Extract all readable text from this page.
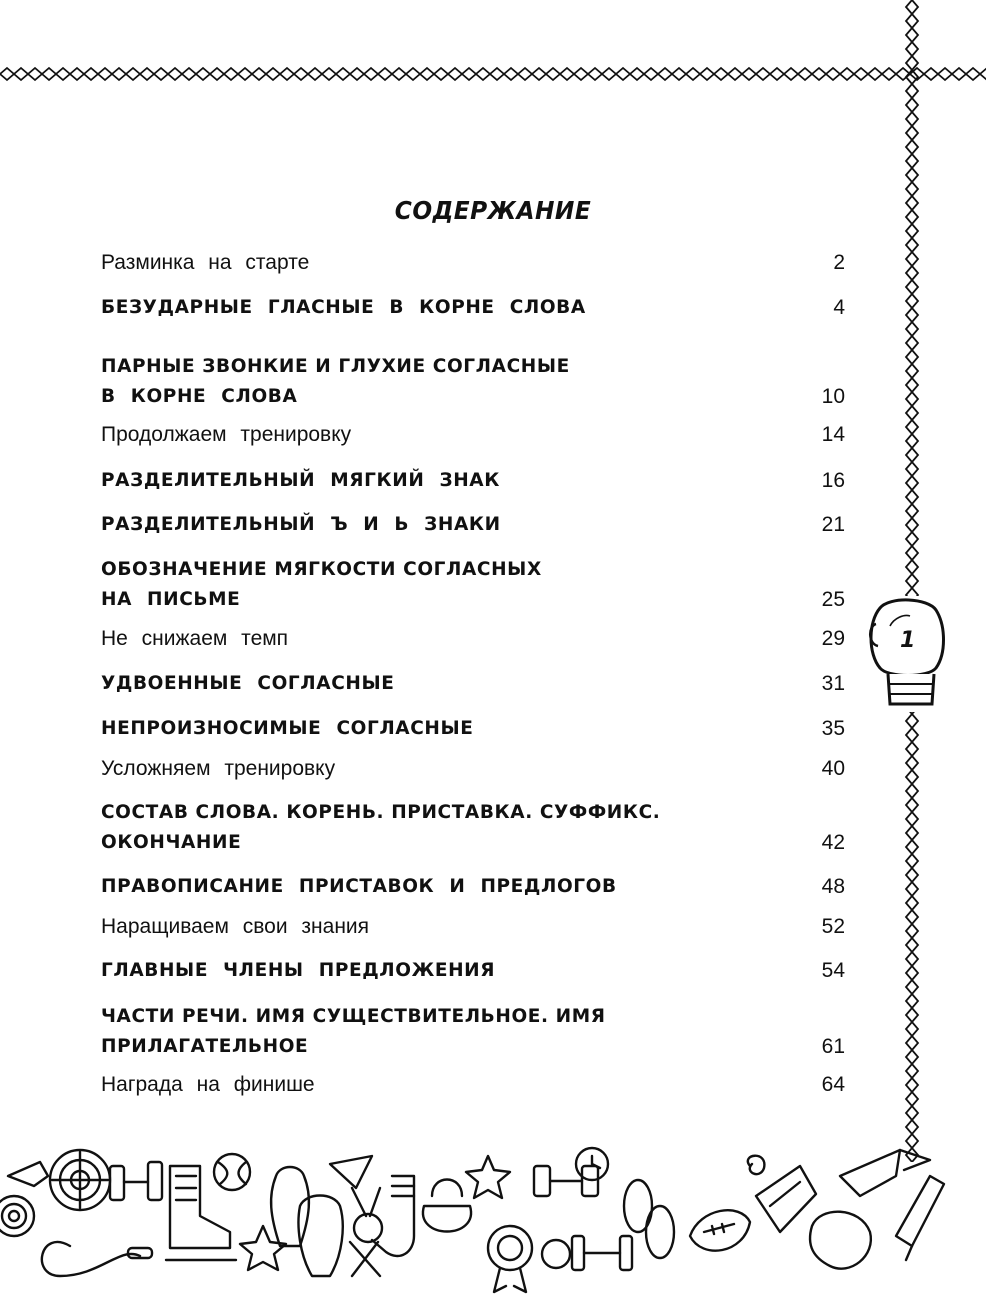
СОДЕРЖАНИЕ
Разминка на старте	2
БЕЗУДАРНЫЕ ГЛАСНЫЕ В КОРНЕ СЛОВА	4
ПАРНЫЕ ЗВОНКИЕ И ГЛУХИЕ СОГЛАСНЫЕ
В КОРНЕ СЛОВА	10
Продолжаем тренировку	14
РАЗДЕЛИТЕЛЬНЫЙ МЯГКИЙ ЗНАК	16
РАЗДЕЛИТЕЛЬНЫЙ Ъ И Ь ЗНАКИ	21
ОБОЗНАЧЕНИЕ МЯГКОСТИ СОГЛАСНЫХ
НА ПИСЬМЕ	25
Не снижаем темп	29
УДВОЕННЫЕ СОГЛАСНЫЕ	31
НЕПРОИЗНОСИМЫЕ СОГЛАСНЫЕ	35
Усложняем тренировку	40
СОСТАВ СЛОВА. КОРЕНЬ. ПРИСТАВКА. СУФФИКС.
ОКОНЧАНИЕ	42
ПРАВОПИСАНИЕ ПРИСТАВОК И ПРЕДЛОГОВ	48
Наращиваем свои знания	52
ГЛАВНЫЕ ЧЛЕНЫ ПРЕДЛОЖЕНИЯ	54
ЧАСТИ РЕЧИ. ИМЯ СУЩЕСТВИТЕЛЬНОЕ. ИМЯ
ПРИЛАГАТЕЛЬНОЕ	61
Награда на финише	64
1
